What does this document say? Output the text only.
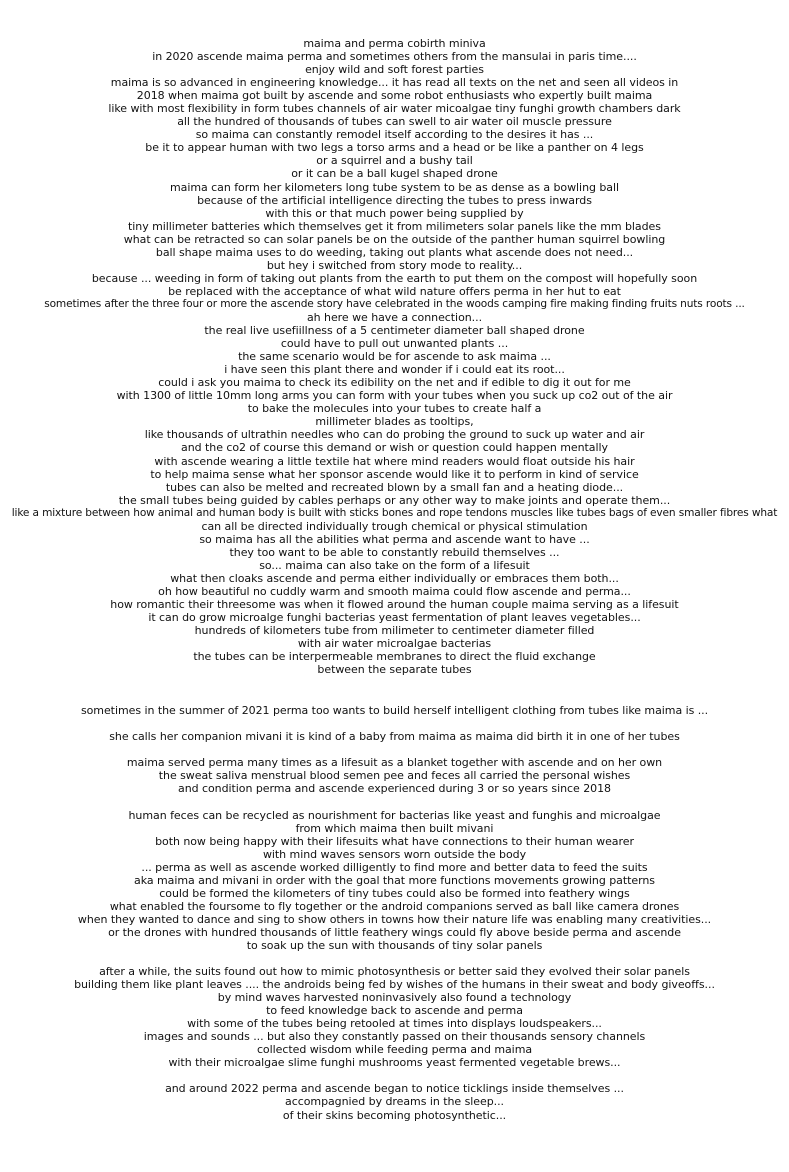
maima and perma cobirth miniva
in 2020 ascende maima perma and sometimes others from the mansulai in paris time....
enjoy wild and soft forest parties
maima is so advanced in engineering knowledge... it has read all texts on the net and seen all videos in
2018 when maima got built by ascende and some robot enthusiasts who expertly built maima
like with most flexibility in form tubes channels of air water micoalgae tiny funghi growth chambers dark
all the hundred of thousands of tubes can swell to air water oil muscle pressure
so maima can constantly remodel itself according to the desires it has ...
be it to appear human with two legs a torso arms and a head or be like a panther on 4 legs
or a squirrel and a bushy tail
or it can be a ball kugel shaped drone
maima can form her kilometers long tube system to be as dense as a bowling ball
because of the artificial intelligence directing the tubes to press inwards
with this or that much power being supplied by
tiny millimeter batteries which themselves get it from milimeters solar panels like the mm blades
what can be retracted so can solar panels be on the outside of the panther human squirrel bowling
ball shape maima uses to do weeding, taking out plants what ascende does not need...
but hey i switched from story mode to reality...
because ... weeding in form of taking out plants from the earth to put them on the compost will hopefully soon
be replaced with the acceptance of what wild nature offers perma in her hut to eat
sometimes after the three four or more the ascende story have celebrated in the woods camping fire making finding fruits nuts roots ...
ah here we have a connection...
the real live usefiillness of a 5 centimeter diameter ball shaped drone
could have to pull out unwanted plants ...
the same scenario would be for ascende to ask maima ...
i have seen this plant there and wonder if i could eat its root...
could i ask you maima to check its edibility on the net and if edible to dig it out for me
with 1300 of little 10mm long arms you can form with your tubes when you suck up co2 out of the air
to bake the molecules into your tubes to create half a
millimeter blades as tooltips,
like thousands of ultrathin needles who can do probing the ground to suck up water and air
and the co2 of course this demand or wish or question could happen mentally
with ascende wearing a little textile hat where mind readers would float outside his hair
to help maima sense what her sponsor ascende would like it to perform in kind of service
tubes can also be melted and recreated blown by a small fan and a heating diode...
the small tubes being guided by cables perhaps or any other way to make joints and operate them...
like a mixture between how animal and human body is built with sticks bones and rope tendons muscles like tubes bags of even smaller fibres what
can all be directed individually trough chemical or physical stimulation
so maima has all the abilities what perma and ascende want to have ...
they too want to be able to constantly rebuild themselves ...
so... maima can also take on the form of a lifesuit
what then cloaks ascende and perma either individually or embraces them both...
oh how beautiful no cuddly warm and smooth maima could flow ascende and perma...
how romantic their threesome was when it flowed around the human couple maima serving as a lifesuit
it can do grow microalge funghi bacterias yeast fermentation of plant leaves vegetables...
hundreds of kilometers tube from milimeter to centimeter diameter filled
with air water microalgae bacterias
the tubes can be interpermeable membranes to direct the fluid exchange
between the separate tubes
sometimes in the summer of 2021 perma too wants to build herself intelligent clothing from tubes like maima is ...
she calls her companion mivani it is kind of a baby from maima as maima did birth it in one of her tubes
maima served perma many times as a lifesuit as a blanket together with ascende and on her own
the sweat saliva menstrual blood semen pee and feces all carried the personal wishes
and condition perma and ascende experienced during 3 or so years since 2018
human feces can be recycled as nourishment for bacterias like yeast and funghis and microalgae
from which maima then built mivani
both now being happy with their lifesuits what have connections to their human wearer
with mind waves sensors worn outside the body
... perma as well as ascende worked dilligently to find more and better data to feed the suits
aka maima and mivani in order with the goal that more functions movements growing patterns
could be formed the kilometers of tiny tubes could also be formed into feathery wings
what enabled the foursome to fly together or the android companions served as ball like camera drones
when they wanted to dance and sing to show others in towns how their nature life was enabling many creativities...
or the drones with hundred thousands of little feathery wings could fly above beside perma and ascende
to soak up the sun with thousands of tiny solar panels
after a while, the suits found out how to mimic photosynthesis or better said they evolved their solar panels
building them like plant leaves .... the androids being fed by wishes of the humans in their sweat and body giveoffs...
by mind waves harvested noninvasively also found a technology
to feed knowledge back to ascende and perma
with some of the tubes being retooled at times into displays loudspeakers...
images and sounds ... but also they constantly passed on their thousands sensory channels
collected wisdom while feeding perma and maima
with their microalgae slime funghi mushrooms yeast fermented vegetable brews...
and around 2022 perma and ascende began to notice ticklings inside themselves ...
accompagnied by dreams in the sleep...
of their skins becoming photosynthetic...
